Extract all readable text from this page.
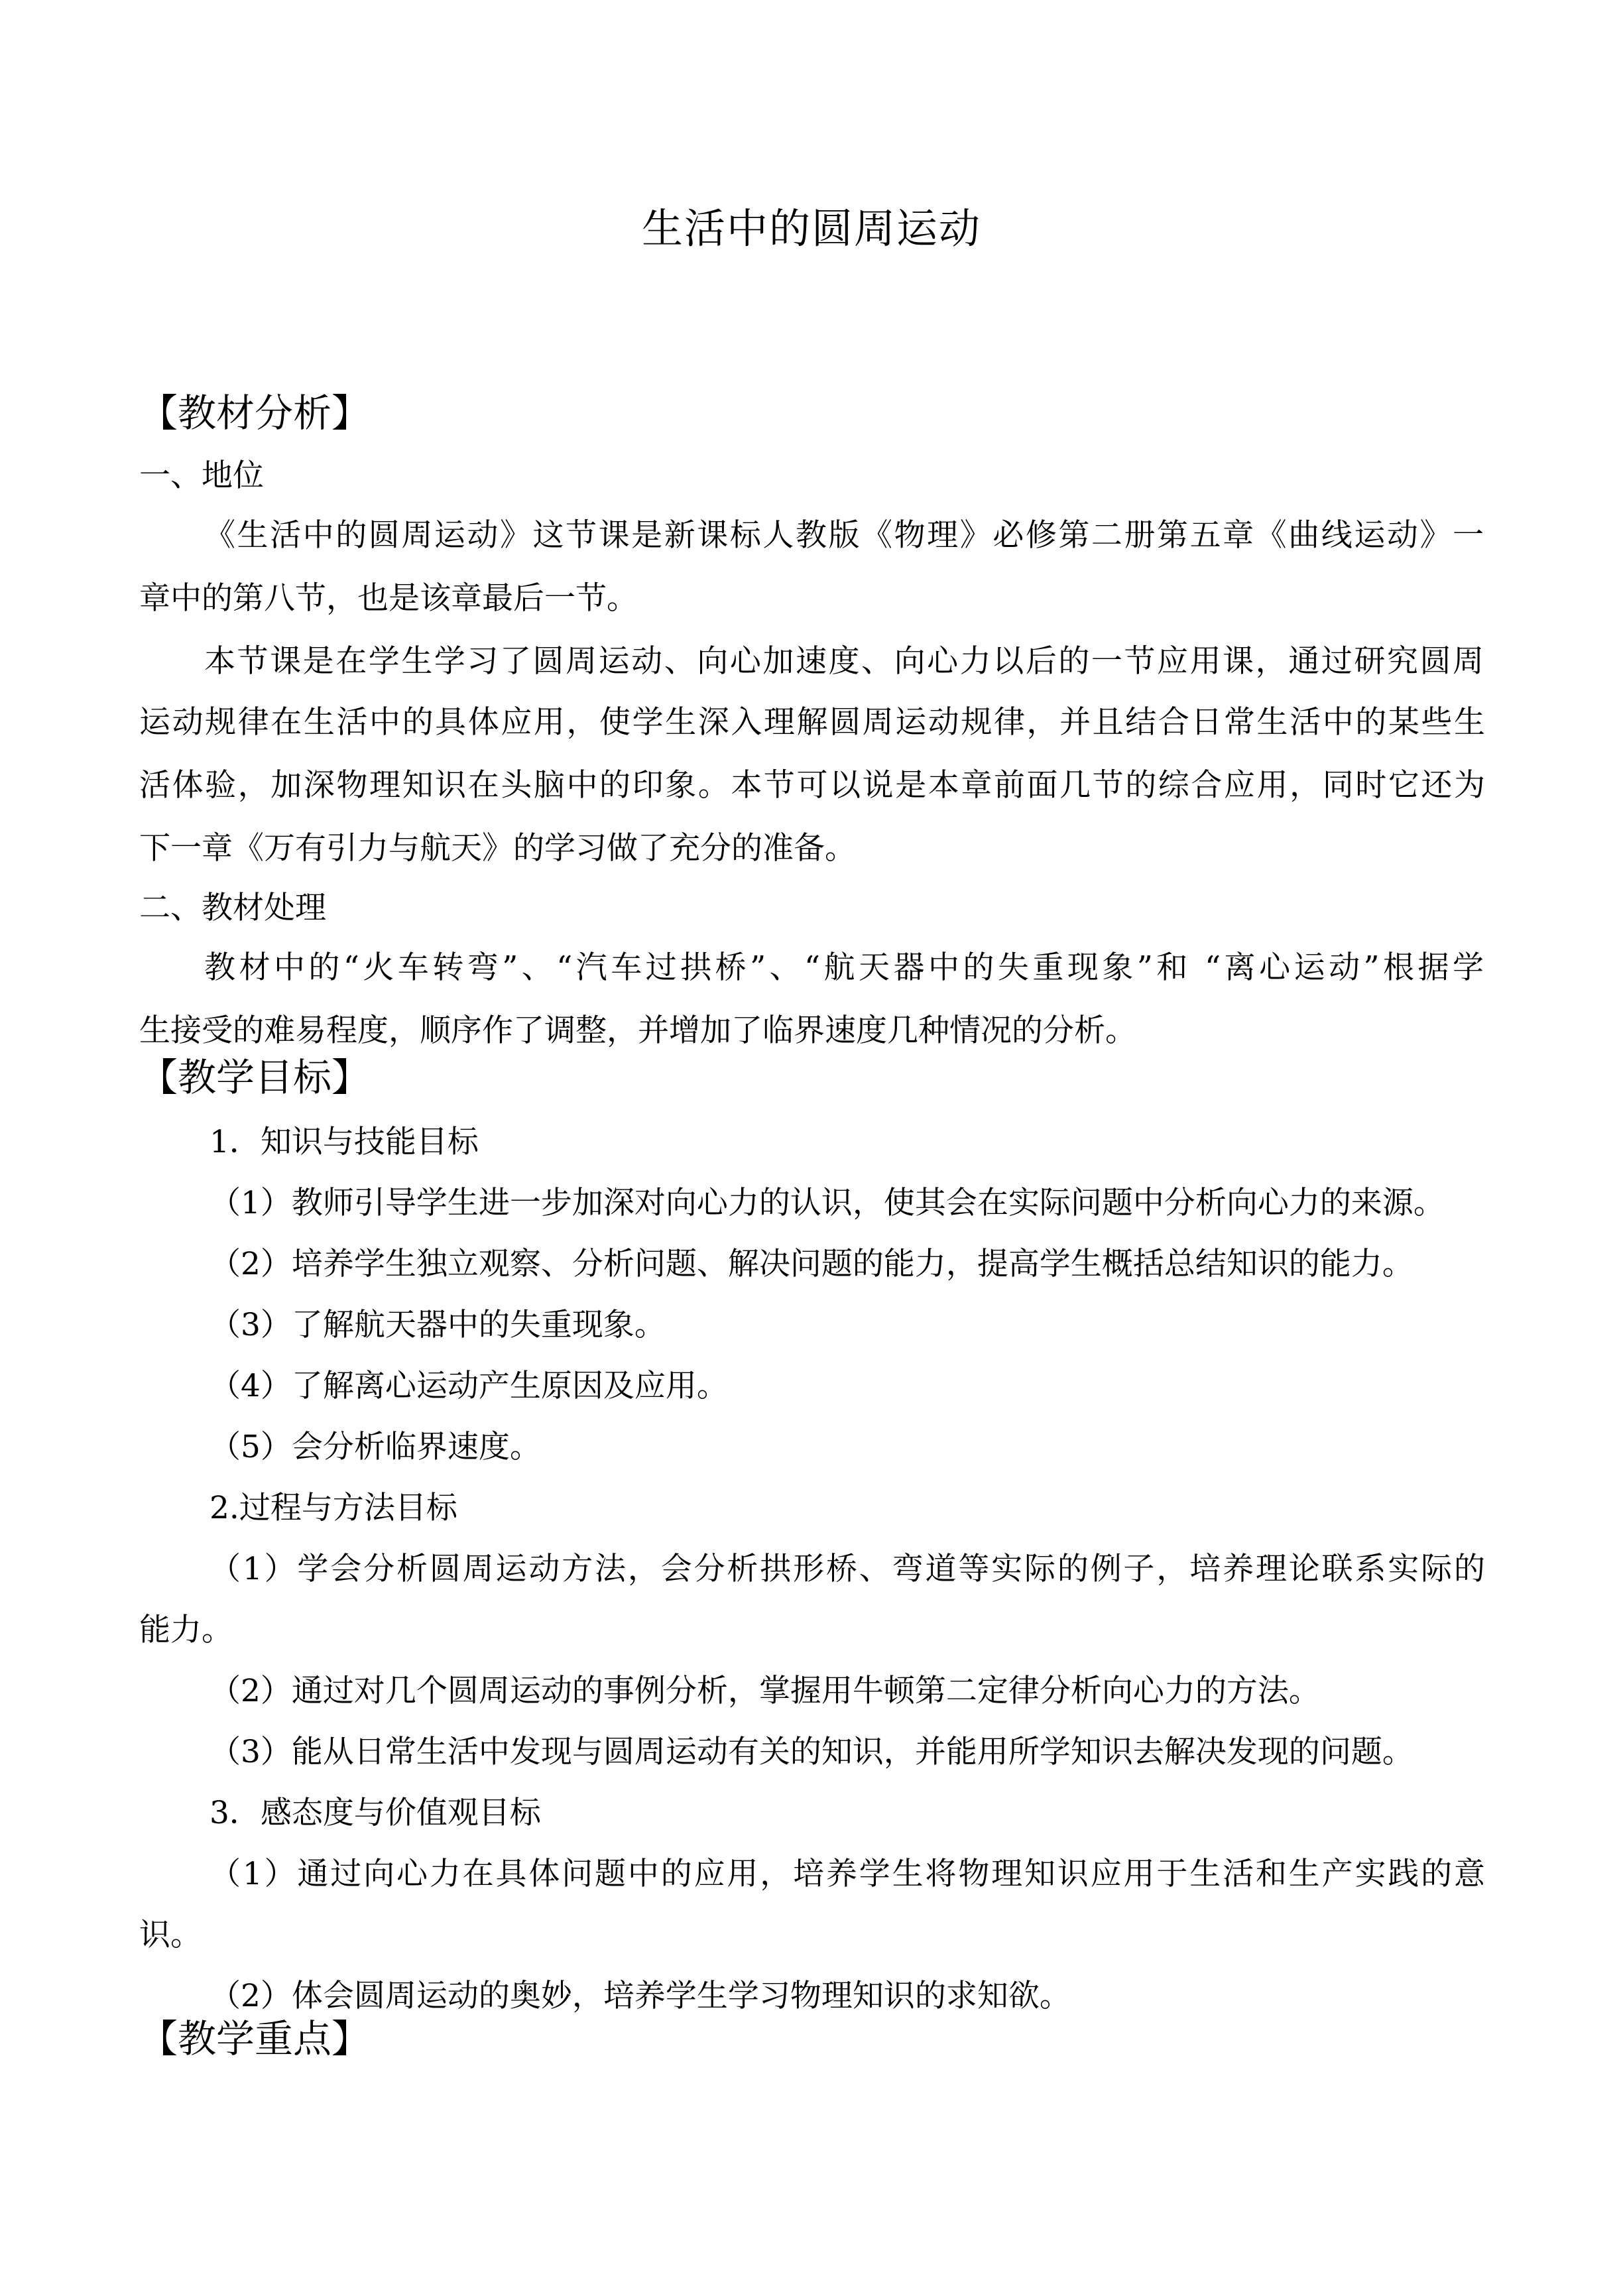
生活中的圆周运动
【教材分析】
一、地位
《生活中的圆周运动》这节课是新课标人教版《物理》必修第二册第五章《曲线运动》一
章中的第八节，也是该章最后一节。
本节课是在学生学习了圆周运动、向心加速度、向心力以后的一节应用课，通过研究圆周
运动规律在生活中的具体应用，使学生深入理解圆周运动规律，并且结合日常生活中的某些生
活体验，加深物理知识在头脑中的印象。本节可以说是本章前面几节的综合应用，同时它还为
下一章《万有引力与航天》的学习做了充分的准备。
二、教材处理
教材中的“火车转弯”、“汽车过拱桥”、“航天器中的失重现象”和 “离心运动”根据学
生接受的难易程度，顺序作了调整，并增加了临界速度几种情况的分析。
【教学目标】
1．知识与技能目标
（1）教师引导学生进一步加深对向心力的认识，使其会在实际问题中分析向心力的来源。
（2）培养学生独立观察、分析问题、解决问题的能力，提高学生概括总结知识的能力。
（3）了解航天器中的失重现象。
（4）了解离心运动产生原因及应用。
（5）会分析临界速度。
2.过程与方法目标
（1）学会分析圆周运动方法，会分析拱形桥、弯道等实际的例子，培养理论联系实际的
能力。
（2）通过对几个圆周运动的事例分析，掌握用牛顿第二定律分析向心力的方法。
（3）能从日常生活中发现与圆周运动有关的知识，并能用所学知识去解决发现的问题。
3．感态度与价值观目标
（1）通过向心力在具体问题中的应用，培养学生将物理知识应用于生活和生产实践的意
识。
（2）体会圆周运动的奥妙，培养学生学习物理知识的求知欲。
【教学重点】
